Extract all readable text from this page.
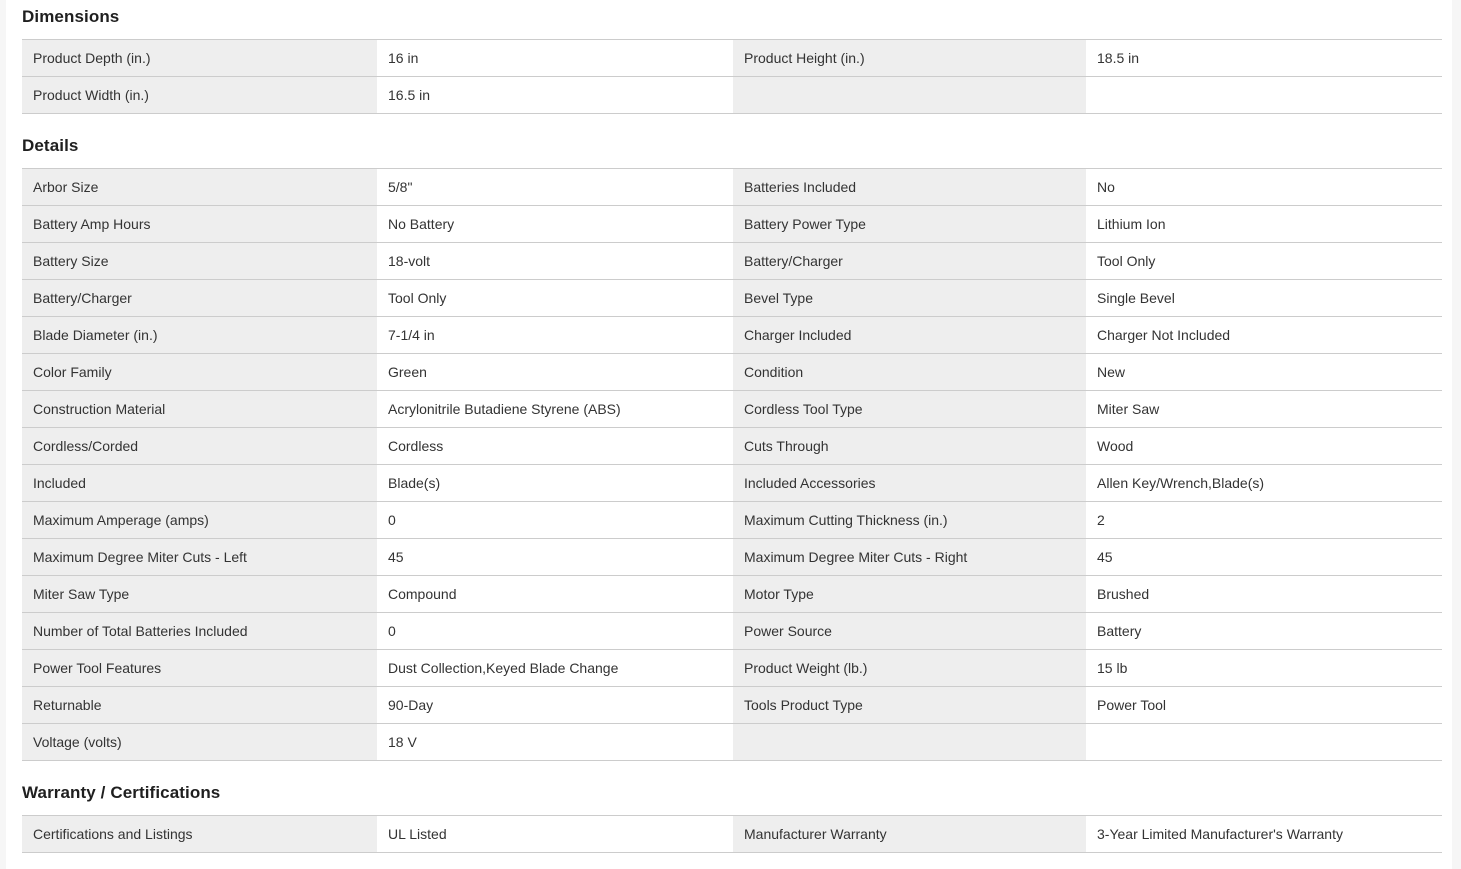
Dimensions
Product Depth (in.)	16 in	Product Height (in.)	18.5 in
Product Width (in.)	16.5 in
Details
Arbor Size	5/8"	Batteries Included	No
Battery Amp Hours	No Battery	Battery Power Type	Lithium Ion
Battery Size	18-volt	Battery/Charger	Tool Only
Battery/Charger	Tool Only	Bevel Type	Single Bevel
Blade Diameter (in.)	7-1/4 in	Charger Included	Charger Not Included
Color Family	Green	Condition	New
Construction Material	Acrylonitrile Butadiene Styrene (ABS)	Cordless Tool Type	Miter Saw
Cordless/Corded	Cordless	Cuts Through	Wood
Included	Blade(s)	Included Accessories	Allen Key/Wrench,Blade(s)
Maximum Amperage (amps)	0	Maximum Cutting Thickness (in.)	2
Maximum Degree Miter Cuts - Left	45	Maximum Degree Miter Cuts - Right	45
Miter Saw Type	Compound	Motor Type	Brushed
Number of Total Batteries Included	0	Power Source	Battery
Power Tool Features	Dust Collection,Keyed Blade Change	Product Weight (lb.)	15 lb
Returnable	90-Day	Tools Product Type	Power Tool
Voltage (volts)	18 V
Warranty / Certifications
Certifications and Listings	UL Listed	Manufacturer Warranty	3-Year Limited Manufacturer's Warranty
